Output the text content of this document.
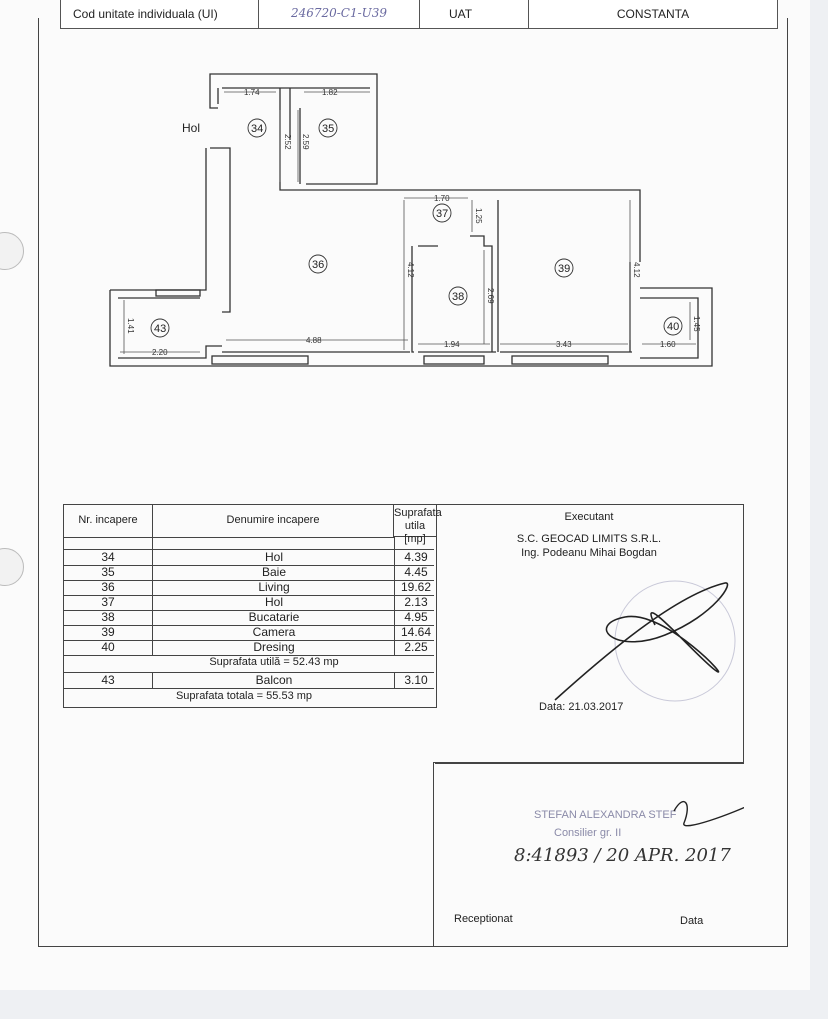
Cod unitate individuala (UI)	246720-C1-U39	UAT	CONSTANTA
1.74	1.82
2.52 2.59
1.70
1.25
4.12
2.69
4.12
1.41
2.20
4.88	1.94	3.43	1.60
1.45
Hol	34	35
36
37
38
39
40
43
Nr. incapere	Denumire incapere
Suprafata utila [mp]
34	Hol	4.39
35	Baie	4.45
36	Living	19.62
37	Hol	2.13
38	Bucatarie	4.95
39	Camera	14.64
40	Dresing	2.25
Suprafata utilă = 52.43 mp
43	Balcon	3.10
Suprafata totala = 55.53 mp
Executant
S.C. GEOCAD LIMITS S.R.L.
Ing. Podeanu Mihai Bogdan
Data: 21.03.2017
STEFAN ALEXANDRA STEF
Consilier gr. II
8:41893 / 20 APR. 2017
Receptionat	Data
